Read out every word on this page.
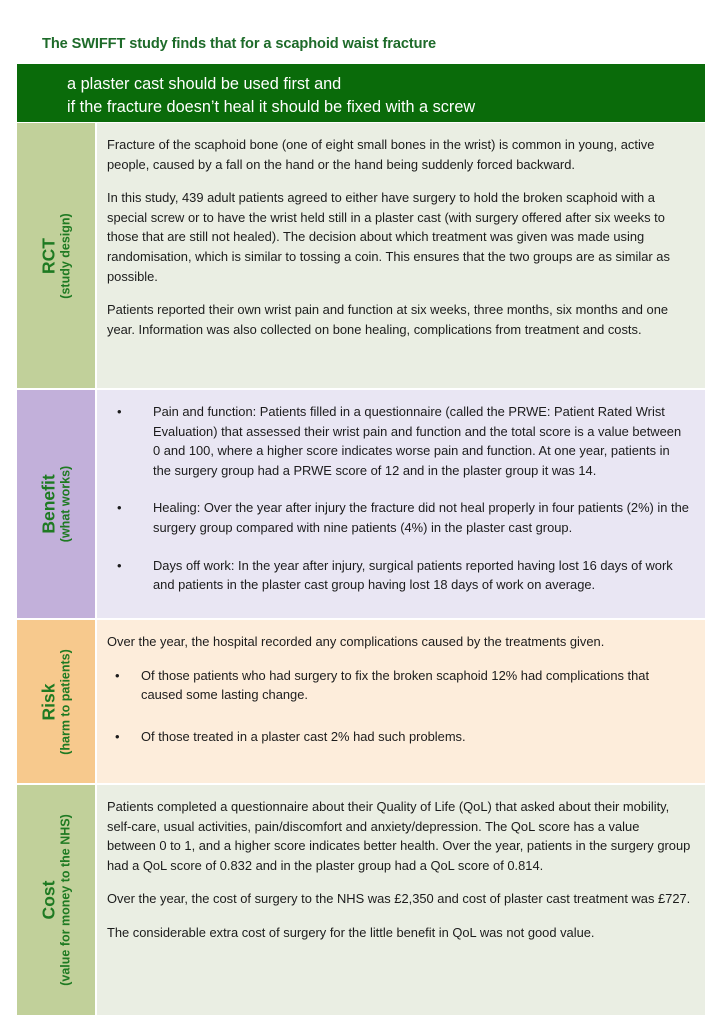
The SWIFFT study finds that for a scaphoid waist fracture
a plaster cast should be used first and
if the fracture doesn’t heal it should be fixed with a screw
RCT (study design)

Fracture of the scaphoid bone (one of eight small bones in the wrist) is common in young, active people, caused by a fall on the hand or the hand being suddenly forced backward.

In this study, 439 adult patients agreed to either have surgery to hold the broken scaphoid with a special screw or to have the wrist held still in a plaster cast (with surgery offered after six weeks to those that are still not healed). The decision about which treatment was given was made using randomisation, which is similar to tossing a coin. This ensures that the two groups are as similar as possible.

Patients reported their own wrist pain and function at six weeks, three months, six months and one year. Information was also collected on bone healing, complications from treatment and costs.

Benefit (what works)
• Pain and function: Patients filled in a questionnaire (called the PRWE: Patient Rated Wrist Evaluation) that assessed their wrist pain and function and the total score is a value between 0 and 100, where a higher score indicates worse pain and function. At one year, patients in the surgery group had a PRWE score of 12 and in the plaster group it was 14.
• Healing: Over the year after injury the fracture did not heal properly in four patients (2%) in the surgery group compared with nine patients (4%) in the plaster cast group.
• Days off work: In the year after injury, surgical patients reported having lost 16 days of work and patients in the plaster cast group having lost 18 days of work on average.
Risk (harm to patients)

Over the year, the hospital recorded any complications caused by the treatments given.

• Of those patients who had surgery to fix the broken scaphoid 12% had complications that caused some lasting change.
• Of those treated in a plaster cast 2% had such problems.
Cost (value for money to the NHS)

Patients completed a questionnaire about their Quality of Life (QoL) that asked about their mobility, self-care, usual activities, pain/discomfort and anxiety/depression. The QoL score has a value between 0 to 1, and a higher score indicates better health. Over the year, patients in the surgery group had a QoL score of 0.832 and in the plaster group had a QoL score of 0.814.

Over the year, the cost of surgery to the NHS was £2,350 and cost of plaster cast treatment was £727.

The considerable extra cost of surgery for the little benefit in QoL was not good value.
